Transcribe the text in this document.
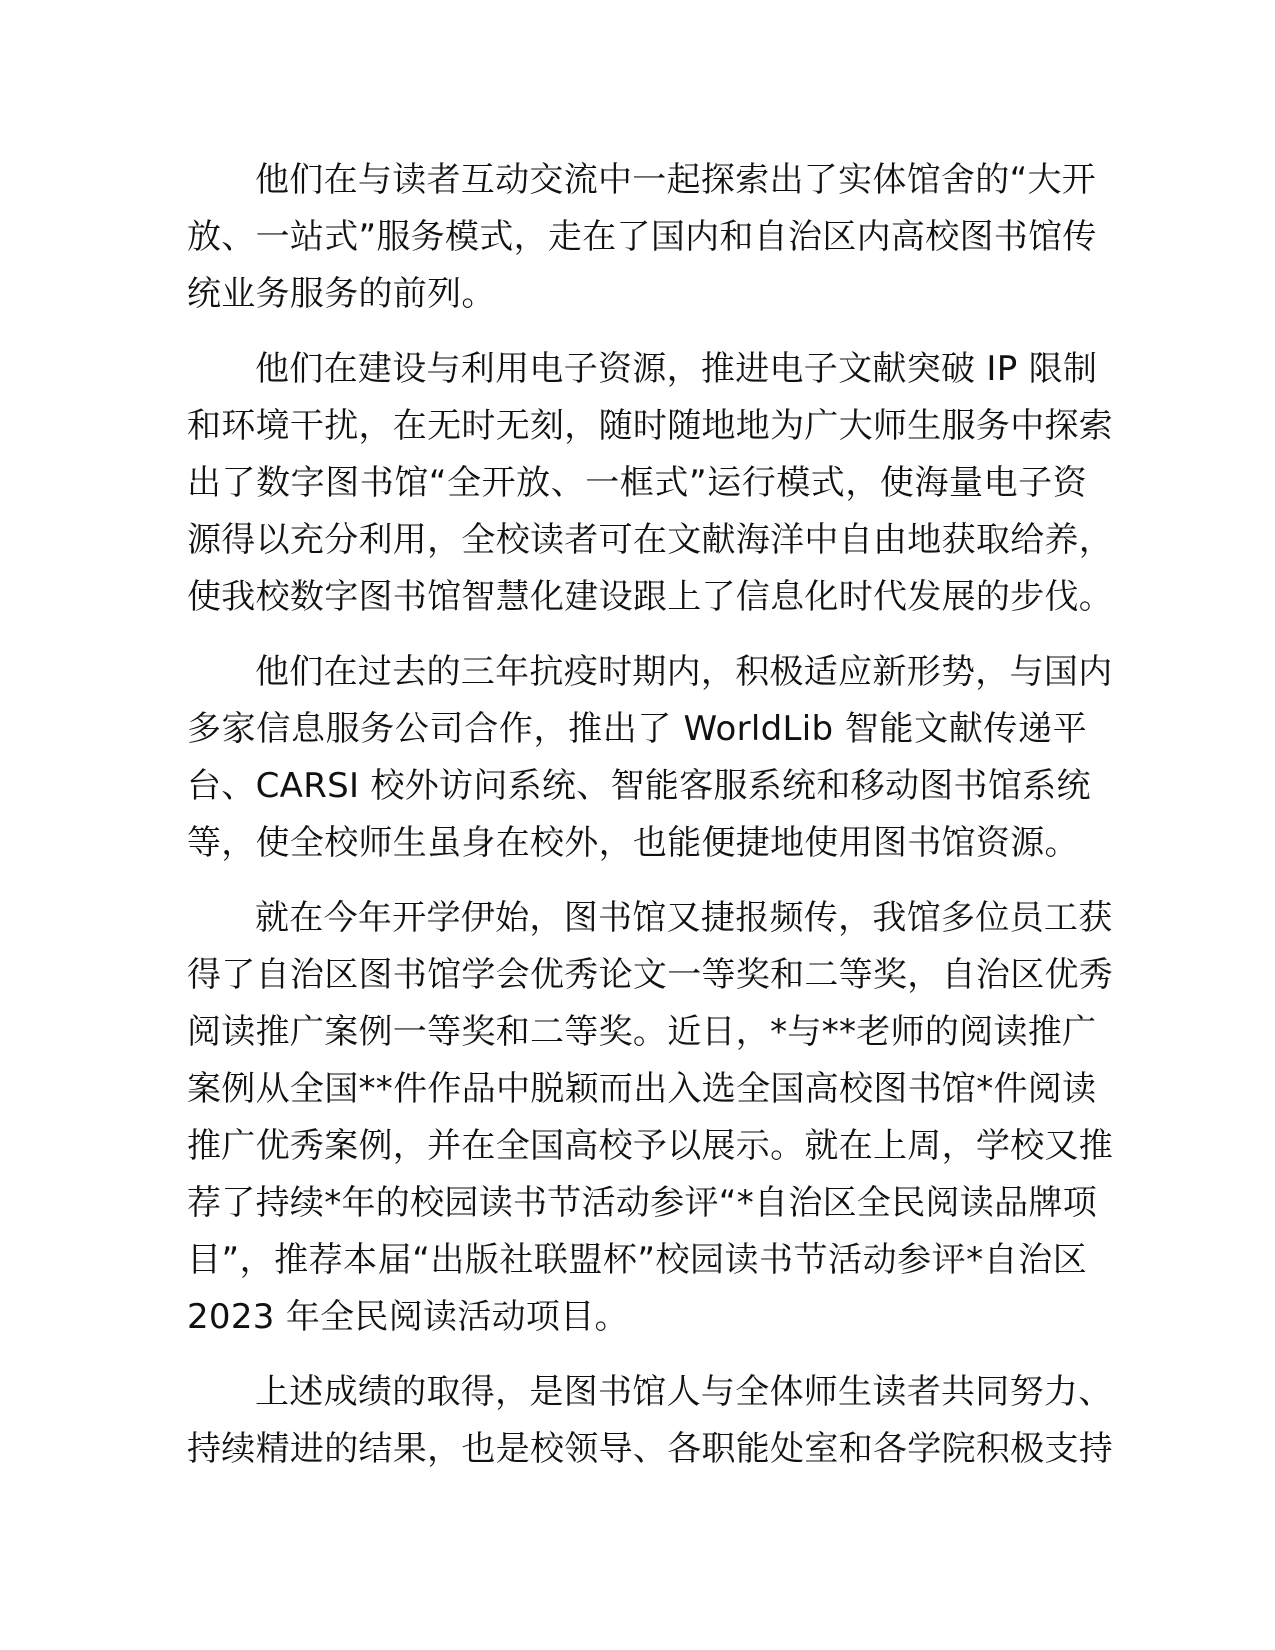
他们在与读者互动交流中一起探索出了实体馆舍的“大开
放、一站式”服务模式，走在了国内和自治区内高校图书馆传
统业务服务的前列。
他们在建设与利用电子资源，推进电子文献突破 IP 限制
和环境干扰，在无时无刻，随时随地地为广大师生服务中探索
出了数字图书馆“全开放、一框式”运行模式，使海量电子资
源得以充分利用，全校读者可在文献海洋中自由地获取给养，
使我校数字图书馆智慧化建设跟上了信息化时代发展的步伐。
他们在过去的三年抗疫时期内，积极适应新形势，与国内
多家信息服务公司合作，推出了 WorldLib 智能文献传递平
台、CARSI 校外访问系统、智能客服系统和移动图书馆系统
等，使全校师生虽身在校外，也能便捷地使用图书馆资源。
就在今年开学伊始，图书馆又捷报频传，我馆多位员工获
得了自治区图书馆学会优秀论文一等奖和二等奖，自治区优秀
阅读推广案例一等奖和二等奖。近日，*与**老师的阅读推广
案例从全国**件作品中脱颖而出入选全国高校图书馆*件阅读
推广优秀案例，并在全国高校予以展示。就在上周，学校又推
荐了持续*年的校园读书节活动参评“*自治区全民阅读品牌项
目”，推荐本届“出版社联盟杯”校园读书节活动参评*自治区
2023 年全民阅读活动项目。
上述成绩的取得，是图书馆人与全体师生读者共同努力、
持续精进的结果，也是校领导、各职能处室和各学院积极支持
